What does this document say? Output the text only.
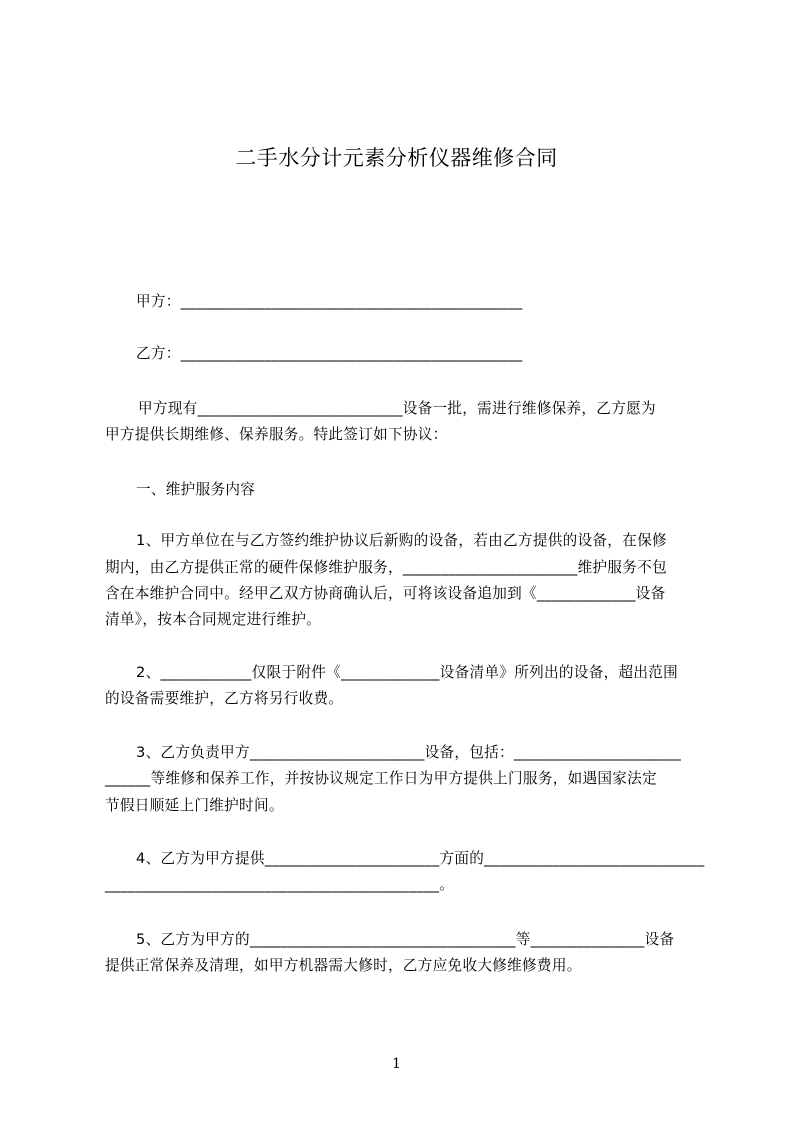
二手水分计元素分析仪器维修合同
甲方：_____________________________________________
乙方：_____________________________________________
甲方现有___________________________设备一批，需进行维修保养，乙方愿为
甲方提供长期维修、保养服务。特此签订如下协议：
一、维护服务内容
1、甲方单位在与乙方签约维护协议后新购的设备，若由乙方提供的设备，在保修
期内，由乙方提供正常的硬件保修维护服务，_______________________维护服务不包
含在本维护合同中。经甲乙双方协商确认后，可将该设备追加到《_____________设备
清单》，按本合同规定进行维护。
2、____________仅限于附件《_____________设备清单》所列出的设备，超出范围
的设备需要维护，乙方将另行收费。
3、乙方负责甲方_______________________设备，包括：______________________
______等维修和保养工作，并按协议规定工作日为甲方提供上门服务，如遇国家法定
节假日顺延上门维护时间。
4、乙方为甲方提供_______________________方面的_____________________________
____________________________________________。
5、乙方为甲方的___________________________________等_______________设备
提供正常保养及清理，如甲方机器需大修时，乙方应免收大修维修费用。
1
